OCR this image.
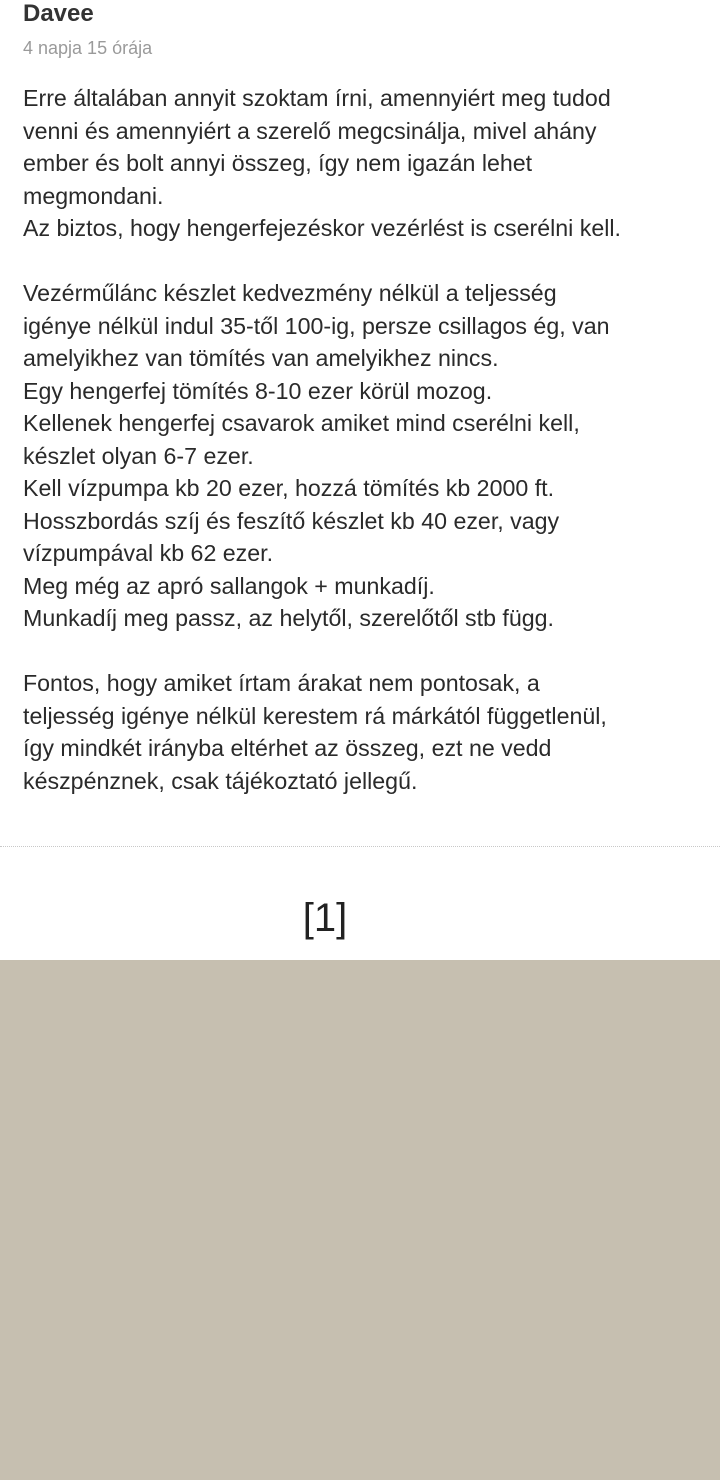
Davee
4 napja 15 órája
Erre általában annyit szoktam írni, amennyiért meg tudod
venni és amennyiért a szerelő megcsinálja, mivel ahány
ember és bolt annyi összeg, így nem igazán lehet
megmondani.
Az biztos, hogy hengerfejezéskor vezérlést is cserélni kell.
Vezérműlánc készlet kedvezmény nélkül a teljesség
igénye nélkül indul 35-től 100-ig, persze csillagos ég, van
amelyikhez van tömítés van amelyikhez nincs.
Egy hengerfej tömítés 8-10 ezer körül mozog.
Kellenek hengerfej csavarok amiket mind cserélni kell,
készlet olyan 6-7 ezer.
Kell vízpumpa kb 20 ezer, hozzá tömítés kb 2000 ft.
Hosszbordás szíj és feszítő készlet kb 40 ezer, vagy
vízpumpával kb 62 ezer.
Meg még az apró sallangok + munkadíj.
Munkadíj meg passz, az helytől, szerelőtől stb függ.
Fontos, hogy amiket írtam árakat nem pontosak, a
teljesség igénye nélkül kerestem rá márkától függetlenül,
így mindkét irányba eltérhet az összeg, ezt ne vedd
készpénznek, csak tájékoztató jellegű.
[1]
